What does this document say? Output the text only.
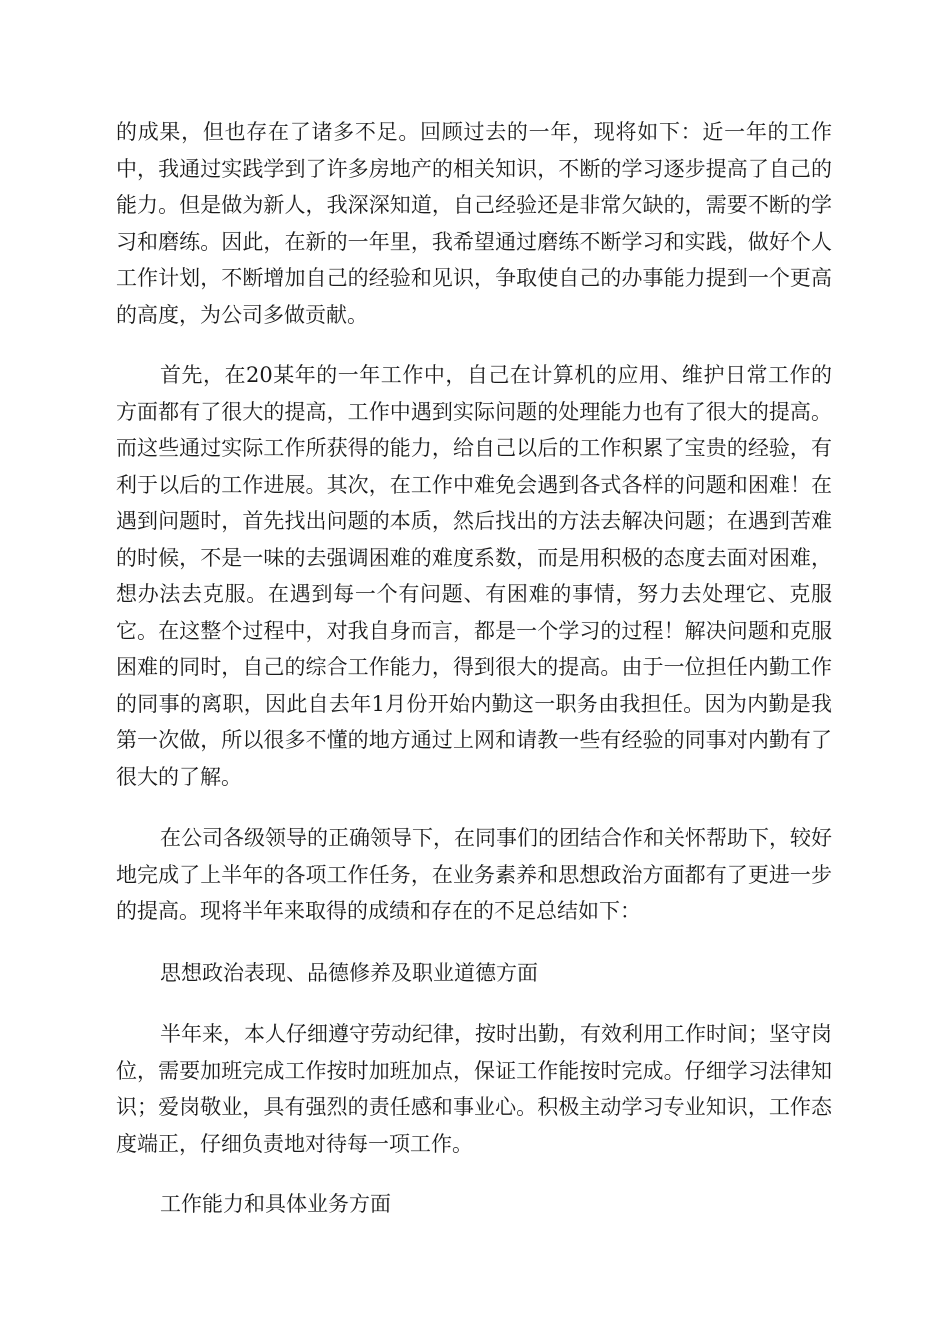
的成果，但也存在了诸多不足。回顾过去的一年，现将如下：近一年的工作中，我通过实践学到了许多房地产的相关知识，不断的学习逐步提高了自己的能力。但是做为新人，我深深知道，自己经验还是非常欠缺的，需要不断的学习和磨练。因此，在新的一年里，我希望通过磨练不断学习和实践，做好个人工作计划，不断增加自己的经验和见识，争取使自己的办事能力提到一个更高的高度，为公司多做贡献。

首先，在20某年的一年工作中，自己在计算机的应用、维护日常工作的方面都有了很大的提高，工作中遇到实际问题的处理能力也有了很大的提高。而这些通过实际工作所获得的能力，给自己以后的工作积累了宝贵的经验，有利于以后的工作进展。其次，在工作中难免会遇到各式各样的问题和困难！在遇到问题时，首先找出问题的本质，然后找出的方法去解决问题；在遇到苦难的时候，不是一味的去强调困难的难度系数，而是用积极的态度去面对困难，想办法去克服。在遇到每一个有问题、有困难的事情，努力去处理它、克服它。在这整个过程中，对我自身而言，都是一个学习的过程！解决问题和克服困难的同时，自己的综合工作能力，得到很大的提高。由于一位担任内勤工作的同事的离职，因此自去年1月份开始内勤这一职务由我担任。因为内勤是我第一次做，所以很多不懂的地方通过上网和请教一些有经验的同事对内勤有了很大的了解。

在公司各级领导的正确领导下，在同事们的团结合作和关怀帮助下，较好地完成了上半年的各项工作任务，在业务素养和思想政治方面都有了更进一步的提高。现将半年来取得的成绩和存在的不足总结如下：

思想政治表现、品德修养及职业道德方面

半年来，本人仔细遵守劳动纪律，按时出勤，有效利用工作时间；坚守岗位，需要加班完成工作按时加班加点，保证工作能按时完成。仔细学习法律知识；爱岗敬业，具有强烈的责任感和事业心。积极主动学习专业知识，工作态度端正，仔细负责地对待每一项工作。

工作能力和具体业务方面
